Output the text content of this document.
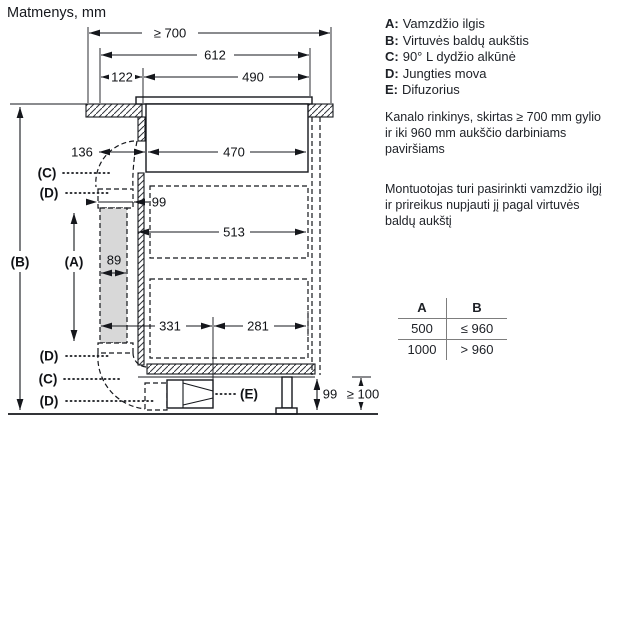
Matmenys, mm
≥ 700
612
122	490
136	470
99
513
89
331	281
99 ≥ 100
(A)
(B)
(C)
(D)
(D)
(C)
(D)	(E)
A: Vamzdžio ilgis
B: Virtuvės baldų aukštis
C: 90° L dydžio alkūnė
D: Jungties mova
E: Difuzorius
Kanalo rinkinys, skirtas ≥ 700 mm gylio ir iki 960 mm aukščio darbiniams paviršiams
Montuotojas turi pasirinkti vamzdžio ilgį ir prireikus nupjauti jį pagal virtuvės baldų aukštį
A	B
500	≤ 960
1000	> 960
